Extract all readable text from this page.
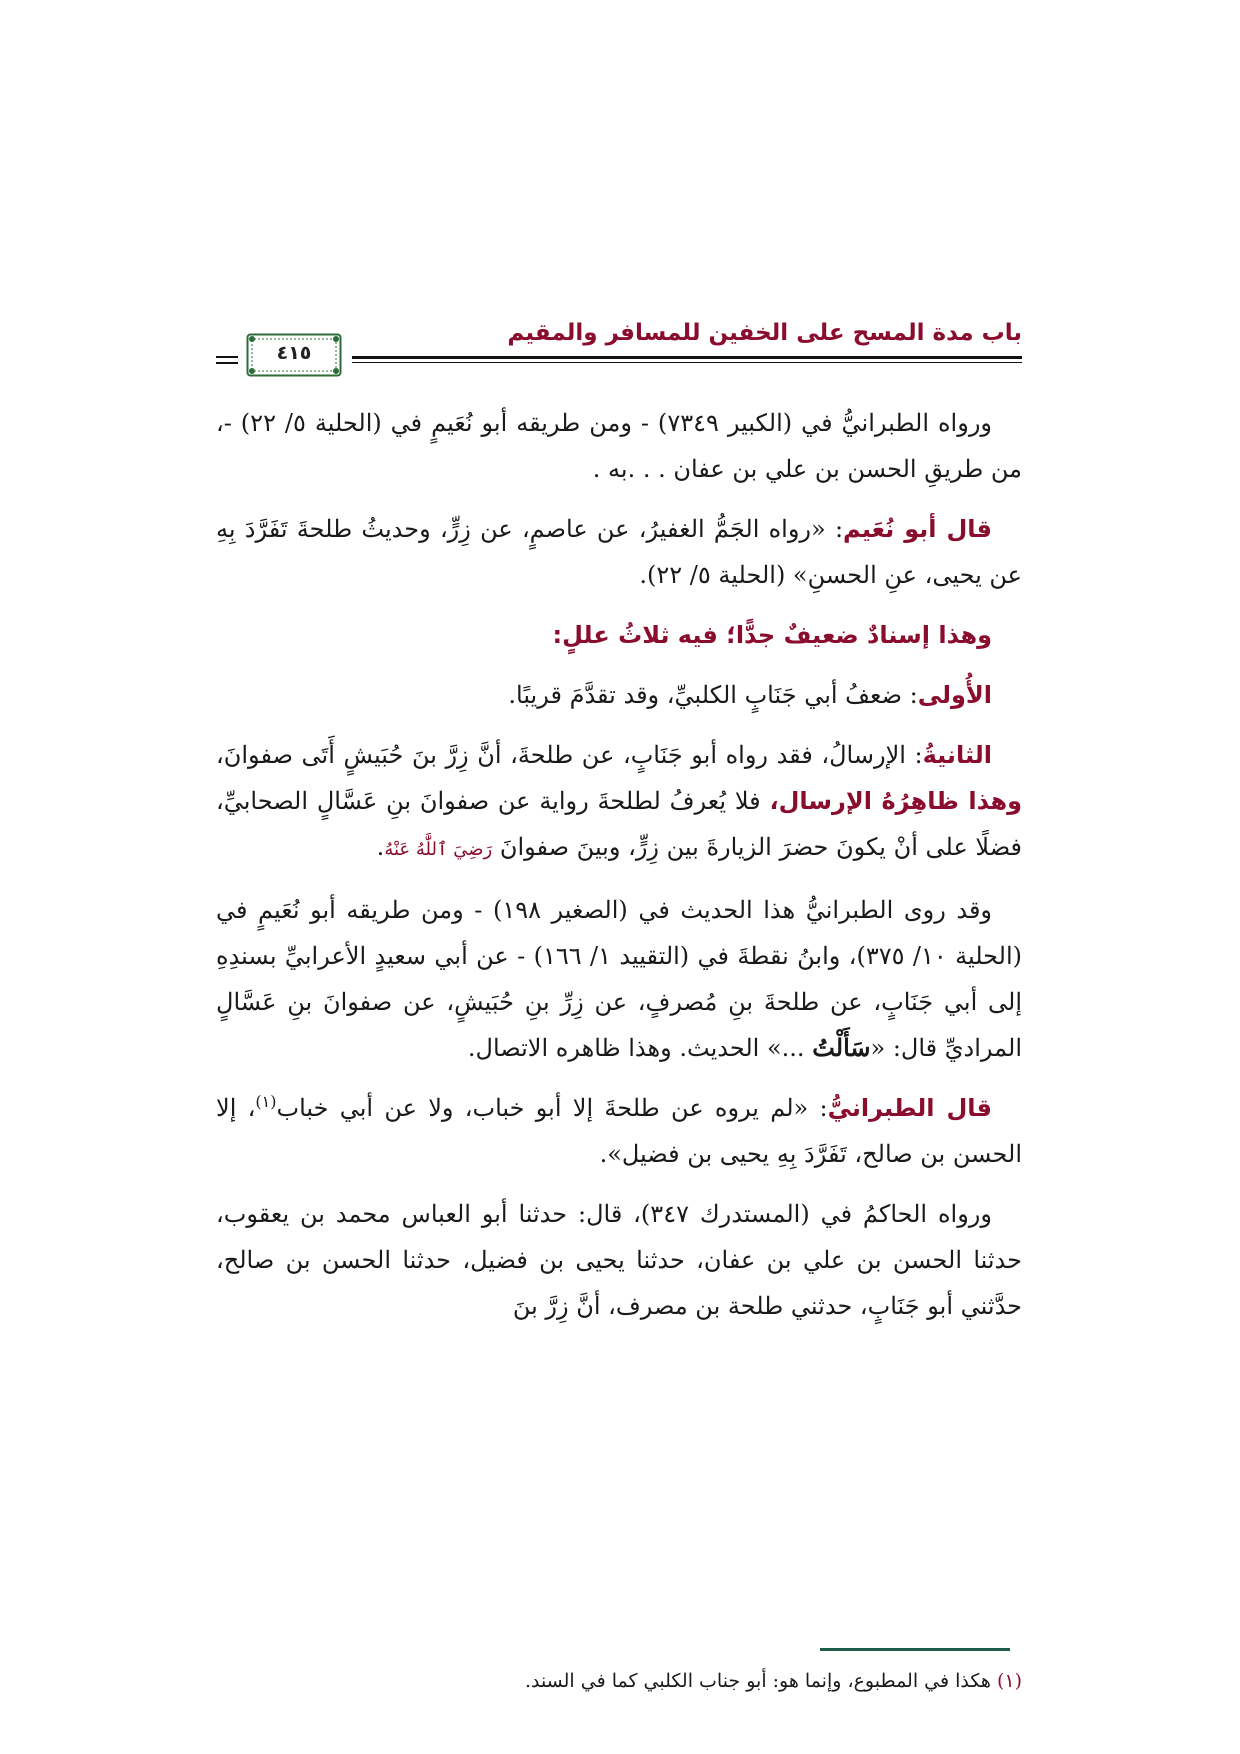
باب مدة المسح على الخفين للمسافر والمقيم
٤١٥

ورواه الطبرانيُّ في (الكبير ٧٣٤٩) - ومن طريقه أبو نُعَيمٍ في (الحلية ٥/ ٢٢) -، من طريقِ الحسن بن علي بن عفان . . .به .

قال أبو نُعَيم: «رواه الجَمُّ الغفيرُ، عن عاصمٍ، عن زِرٍّ، وحديثُ طلحةَ تَفَرَّدَ بِهِ عن يحيى، عنِ الحسنِ» (الحلية ٥/ ٢٢).

وهذا إسنادٌ ضعيفٌ جدًّا؛ فيه ثلاثُ عللٍ:

الأُولى: ضعفُ أبي جَنَابٍ الكلبيِّ، وقد تقدَّمَ قريبًا.

الثانيةُ: الإرسالُ، فقد رواه أبو جَنَابٍ، عن طلحةَ، أنَّ زِرَّ بنَ حُبَيشٍ أَتَى صفوانَ، وهذا ظاهِرُهُ الإرسال، فلا يُعرفُ لطلحةَ رواية عن صفوانَ بنِ عَسَّالٍ الصحابيِّ، فضلًا على أنْ يكونَ حضرَ الزيارةَ بين زِرٍّ، وبينَ صفوانَ رَضِيَ ٱللَّٰهُ عَنْهُ.

وقد روى الطبرانيُّ هذا الحديث في (الصغير ١٩٨) - ومن طريقه أبو نُعَيمٍ في (الحلية ١٠/ ٣٧٥)، وابنُ نقطةَ في (التقييد ١/ ١٦٦) - عن أبي سعيدٍ الأعرابيِّ بسندِهِ إلى أبي جَنَابٍ، عن طلحةَ بنِ مُصرفٍ، عن زِرِّ بنِ حُبَيشٍ، عن صفوانَ بنِ عَسَّالٍ المراديِّ قال: «سَأَلْتُ ...» الحديث. وهذا ظاهره الاتصال.

قال الطبرانيُّ: «لم يروه عن طلحةَ إلا أبو خباب، ولا عن أبي خباب$^{(١)}$، إلا الحسن بن صالح، تَفَرَّدَ بِهِ يحيى بن فضيل».

ورواه الحاكمُ في (المستدرك ٣٤٧)، قال: حدثنا أبو العباس محمد بن يعقوب، حدثنا الحسن بن علي بن عفان، حدثنا يحيى بن فضيل، حدثنا الحسن بن صالح، حدَّثني أبو جَنَابٍ، حدثني طلحة بن مصرف، أنَّ زِرَّ بنَ

(١) هكذا في المطبوع، وإنما هو: أبو جناب الكلبي كما في السند.
